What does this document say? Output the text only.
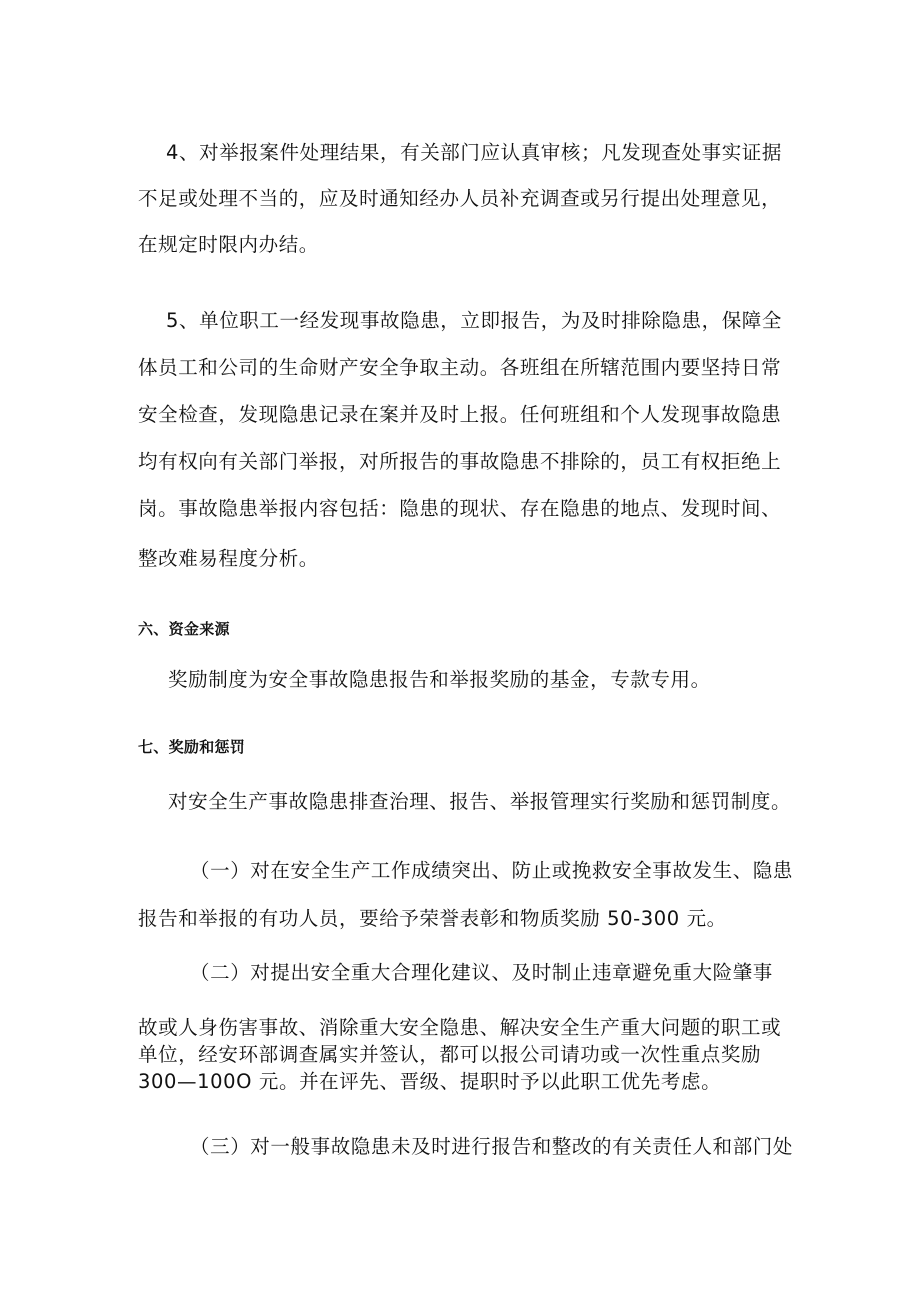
4、对举报案件处理结果，有关部门应认真审核；凡发现查处事实证据
不足或处理不当的，应及时通知经办人员补充调查或另行提出处理意见，
在规定时限内办结。
5、单位职工一经发现事故隐患，立即报告，为及时排除隐患，保障全
体员工和公司的生命财产安全争取主动。各班组在所辖范围内要坚持日常
安全检查，发现隐患记录在案并及时上报。任何班组和个人发现事故隐患
均有权向有关部门举报，对所报告的事故隐患不排除的，员工有权拒绝上
岗。事故隐患举报内容包括：隐患的现状、存在隐患的地点、发现时间、
整改难易程度分析。
六、资金来源
奖励制度为安全事故隐患报告和举报奖励的基金，专款专用。
七、奖励和惩罚
对安全生产事故隐患排查治理、报告、举报管理实行奖励和惩罚制度。
（一）对在安全生产工作成绩突出、防止或挽救安全事故发生、隐患
报告和举报的有功人员，要给予荣誉表彰和物质奖励 50-300 元。
（二）对提出安全重大合理化建议、及时制止违章避免重大险肇事
故或人身伤害事故、消除重大安全隐患、解决安全生产重大问题的职工或
单位，经安环部调查属实并签认，都可以报公司请功或一次性重点奖励
300—100O 元。并在评先、晋级、提职时予以此职工优先考虑。
（三）对一般事故隐患未及时进行报告和整改的有关责任人和部门处
